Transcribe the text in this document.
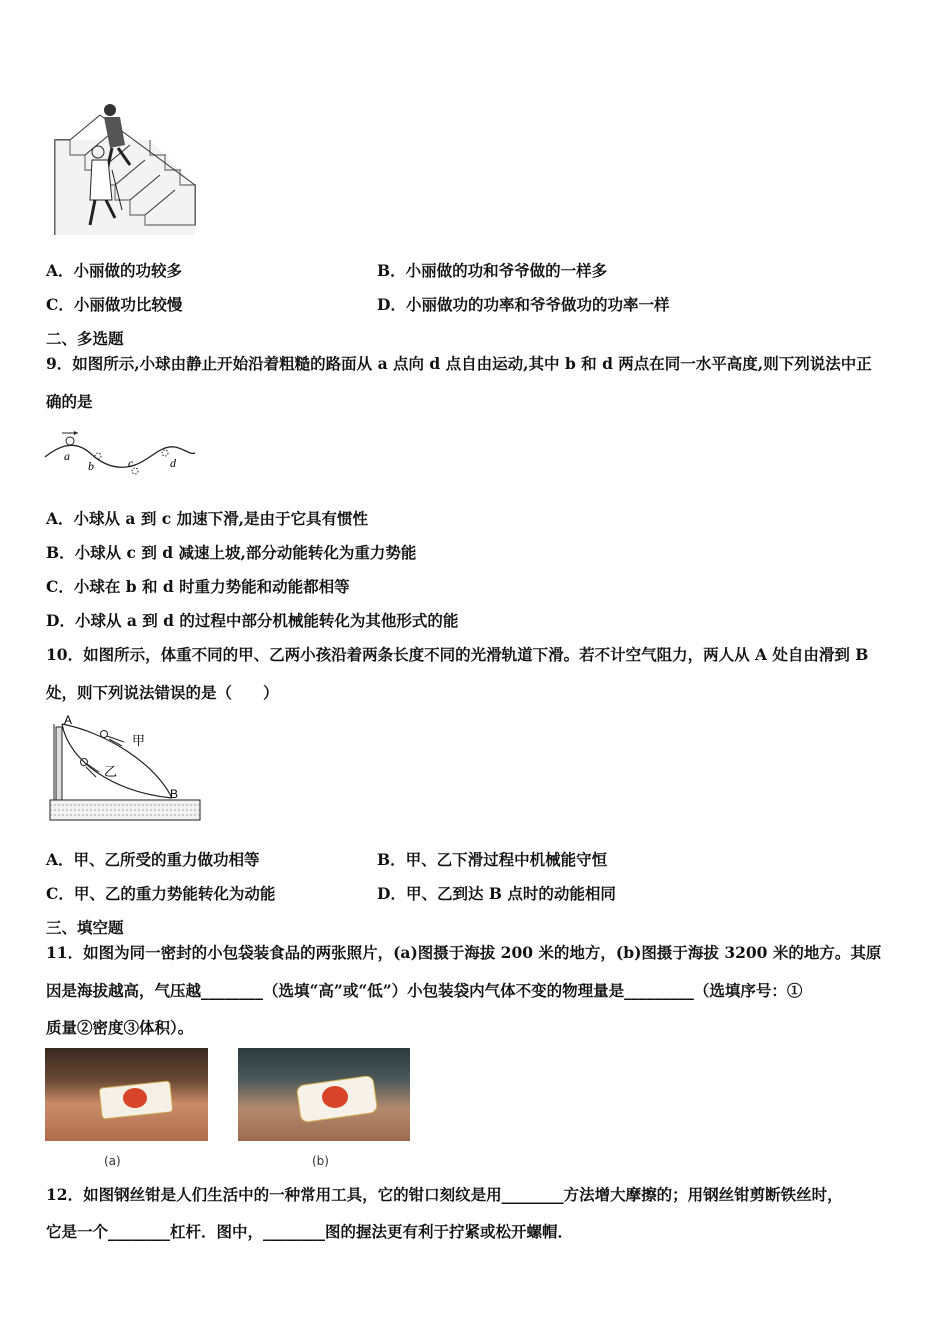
A．小丽做的功较多	B．小丽做的功和爷爷做的一样多
C．小丽做功比较慢	D．小丽做功的功率和爷爷做功的功率一样
二、多选题
9．如图所示,小球由静止开始沿着粗糙的路面从 a 点向 d 点自由运动,其中 b 和 d 两点在同一水平高度,则下列说法中正
确的是
a
b	c	d
A．小球从 a 到 c 加速下滑,是由于它具有惯性
B．小球从 c 到 d 减速上坡,部分动能转化为重力势能
C．小球在 b 和 d 时重力势能和动能都相等
D．小球从 a 到 d 的过程中部分机械能转化为其他形式的能
10．如图所示，体重不同的甲、乙两小孩沿着两条长度不同的光滑轨道下滑。若不计空气阻力，两人从 A 处自由滑到 B
处，则下列说法错误的是（　　）
A
B
甲
乙
A．甲、乙所受的重力做功相等	B．甲、乙下滑过程中机械能守恒
C．甲、乙的重力势能转化为动能	D．甲、乙到达 B 点时的动能相同
三、填空题
11．如图为同一密封的小包袋装食品的两张照片，(a)图摄于海拔 200 米的地方，(b)图摄于海拔 3200 米的地方。其原
因是海拔越高，气压越________（选填“高”或“低”）小包装袋内气体不变的物理量是_________（选填序号：①
质量②密度③体积）。
(a)	(b)
12．如图钢丝钳是人们生活中的一种常用工具，它的钳口刻纹是用________方法增大摩擦的；用钢丝钳剪断铁丝时，
它是一个________杠杆．图中，________图的握法更有利于拧紧或松开螺帽．
